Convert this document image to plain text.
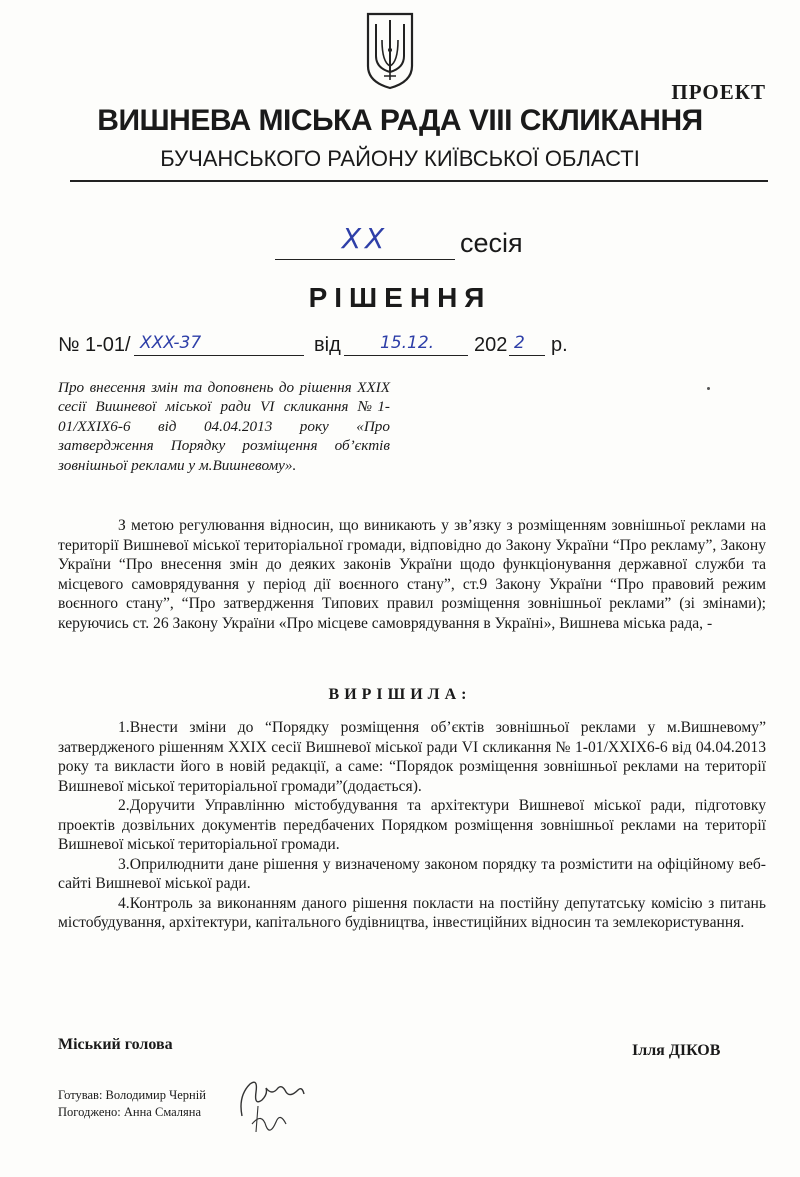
ПРОЕКТ
ВИШНЕВА МІСЬКА РАДА VIII СКЛИКАННЯ
БУЧАНСЬКОГО РАЙОНУ КИЇВСЬКОЇ ОБЛАСТІ
XX	сесія
РІШЕННЯ
№ 1-01/ XXX-37	від 15.12. 202 2 р.
Про внесення змін та доповнень до рішення XXIX сесії Вишневої міської ради VI скликання №1-01/XXIX6-6 від 04.04.2013 року «Про затвердження Порядку розміщення об’єктів зовнішньої реклами у м.Вишневому».
З метою регулювання відносин, що виникають у зв’язку з розміщенням зовнішньої реклами на території Вишневої міської територіальної громади, відповідно до Закону України “Про рекламу”, Закону України “Про внесення змін до деяких законів України щодо функціонування державної служби та місцевого самоврядування у період дії воєнного стану”, ст.9 Закону України “Про правовий режим воєнного стану”, “Про затвердження Типових правил розміщення зовнішньої реклами” (зі змінами); керуючись ст. 26 Закону України «Про місцеве самоврядування в Україні», Вишнева міська рада, -
ВИРІШИЛА:

1.Внести зміни до “Порядку розміщення об’єктів зовнішньої реклами у м.Вишневому” затвердженого рішенням XXIX сесії Вишневої міської ради VI скликання № 1-01/XXIX6-6 від 04.04.2013 року та викласти його в новій редакції, а саме: “Порядок розміщення зовнішньої реклами на території Вишневої міської територіальної громади”(додається).

2.Доручити Управлінню містобудування та архітектури Вишневої міської ради, підготовку проектів дозвільних документів передбачених Порядком розміщення зовнішньої реклами на території Вишневої міської територіальної громади.

3.Оприлюднити дане рішення у визначеному законом порядку та розмістити на офіційному веб-сайті Вишневої міської ради.

4.Контроль за виконанням даного рішення покласти на постійну депутатську комісію з питань містобудування, архітектури, капітального будівництва, інвестиційних відносин та землекористування.

Міський голова	Ілля ДІКОВ
Готував: Володимир Черній
Погоджено: Анна Смаляна
